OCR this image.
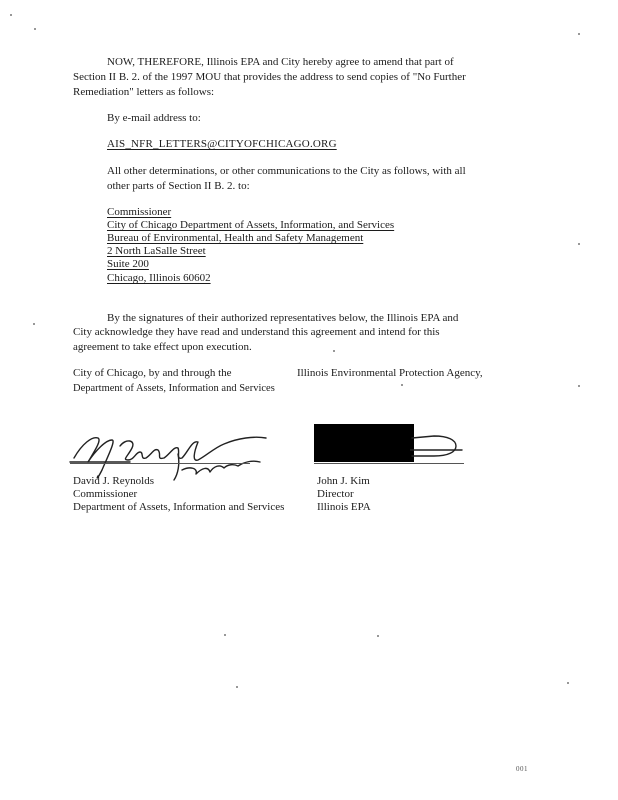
NOW, THEREFORE, Illinois EPA and City hereby agree to amend that part of
Section II B. 2. of the 1997 MOU that provides the address to send copies of "No Further
Remediation" letters as follows:
By e-mail address to:
AIS_NFR_LETTERS@CITYOFCHICAGO.ORG
All other determinations, or other communications to the City as follows, with all
other parts of Section II B. 2. to:
Commissioner
City of Chicago Department of Assets, Information, and Services
Bureau of Environmental, Health and Safety Management
2 North LaSalle Street
Suite 200
Chicago, Illinois 60602
By the signatures of their authorized representatives below, the Illinois EPA and
City acknowledge they have read and understand this agreement and intend for this
agreement to take effect upon execution.
City of Chicago, by and through the
Department of Assets, Information and Services
Illinois Environmental Protection Agency,
David J. Reynolds
Commissioner
Department of Assets, Information and Services
John J. Kim
Director
Illinois EPA
001
